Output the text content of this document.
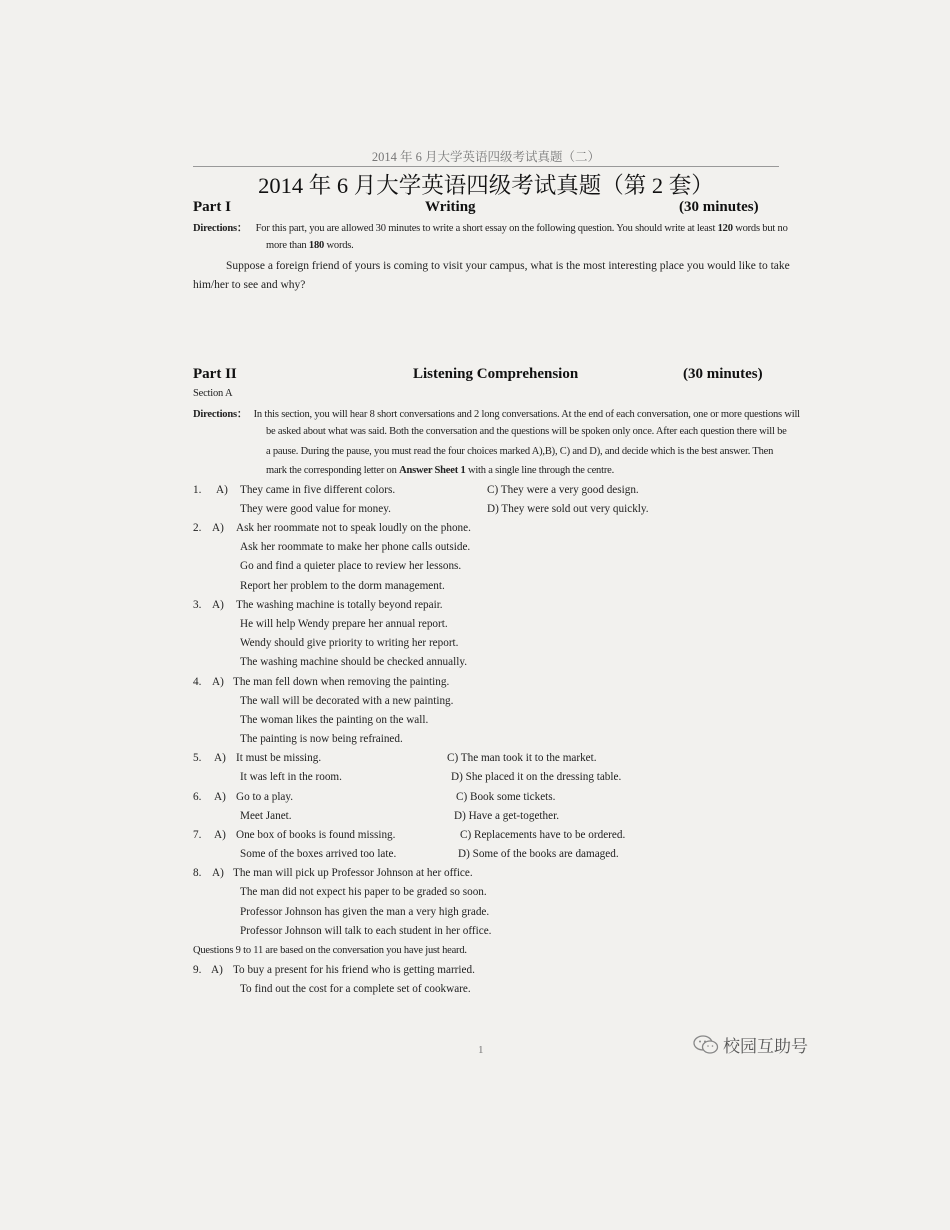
2014 年 6 月大学英语四级考试真题（二）
2014 年 6 月大学英语四级考试真题（第 2 套）
Part I	Writing	(30 minutes)
Directions： For this part, you are allowed 30 minutes to write a short essay on the following question. You should write at least 120 words but no
more than 180 words.
Suppose a foreign friend of yours is coming to visit your campus, what is the most interesting place you would like to take
him/her to see and why?
Part II	Listening Comprehension	(30 minutes)
Section A
Directions： In this section, you will hear 8 short conversations and 2 long conversations. At the end of each conversation, one or more questions will
be asked about what was said. Both the conversation and the questions will be spoken only once. After each question there will be
a pause. During the pause, you must read the four choices marked A),B), C) and D), and decide which is the best answer. Then
mark the corresponding letter on Answer Sheet 1 with a single line through the centre.
1. A) They came in five different colors.
They were good value for money.
C) They were a very good design.
D) They were sold out very quickly.
2. A) Ask her roommate not to speak loudly on the phone.
Ask her roommate to make her phone calls outside.
Go and find a quieter place to review her lessons.
Report her problem to the dorm management.
3. A) The washing machine is totally beyond repair.
He will help Wendy prepare her annual report.
Wendy should give priority to writing her report.
The washing machine should be checked annually.
4. A) The man fell down when removing the painting.
The wall will be decorated with a new painting.
The woman likes the painting on the wall.
The painting is now being refrained.
5. A) It must be missing.
It was left in the room.
C) The man took it to the market.
D) She placed it on the dressing table.
6. A) Go to a play.
Meet Janet.
C) Book some tickets.
D) Have a get-together.
7. A) One box of books is found missing.
Some of the boxes arrived too late.
C) Replacements have to be ordered.
D) Some of the books are damaged.
8. A) The man will pick up Professor Johnson at her office.
The man did not expect his paper to be graded so soon.
Professor Johnson has given the man a very high grade.
Professor Johnson will talk to each student in her office.
Questions 9 to 11 are based on the conversation you have just heard.
9. A) To buy a present for his friend who is getting married.
To find out the cost for a complete set of cookware.
1	校园互助号
